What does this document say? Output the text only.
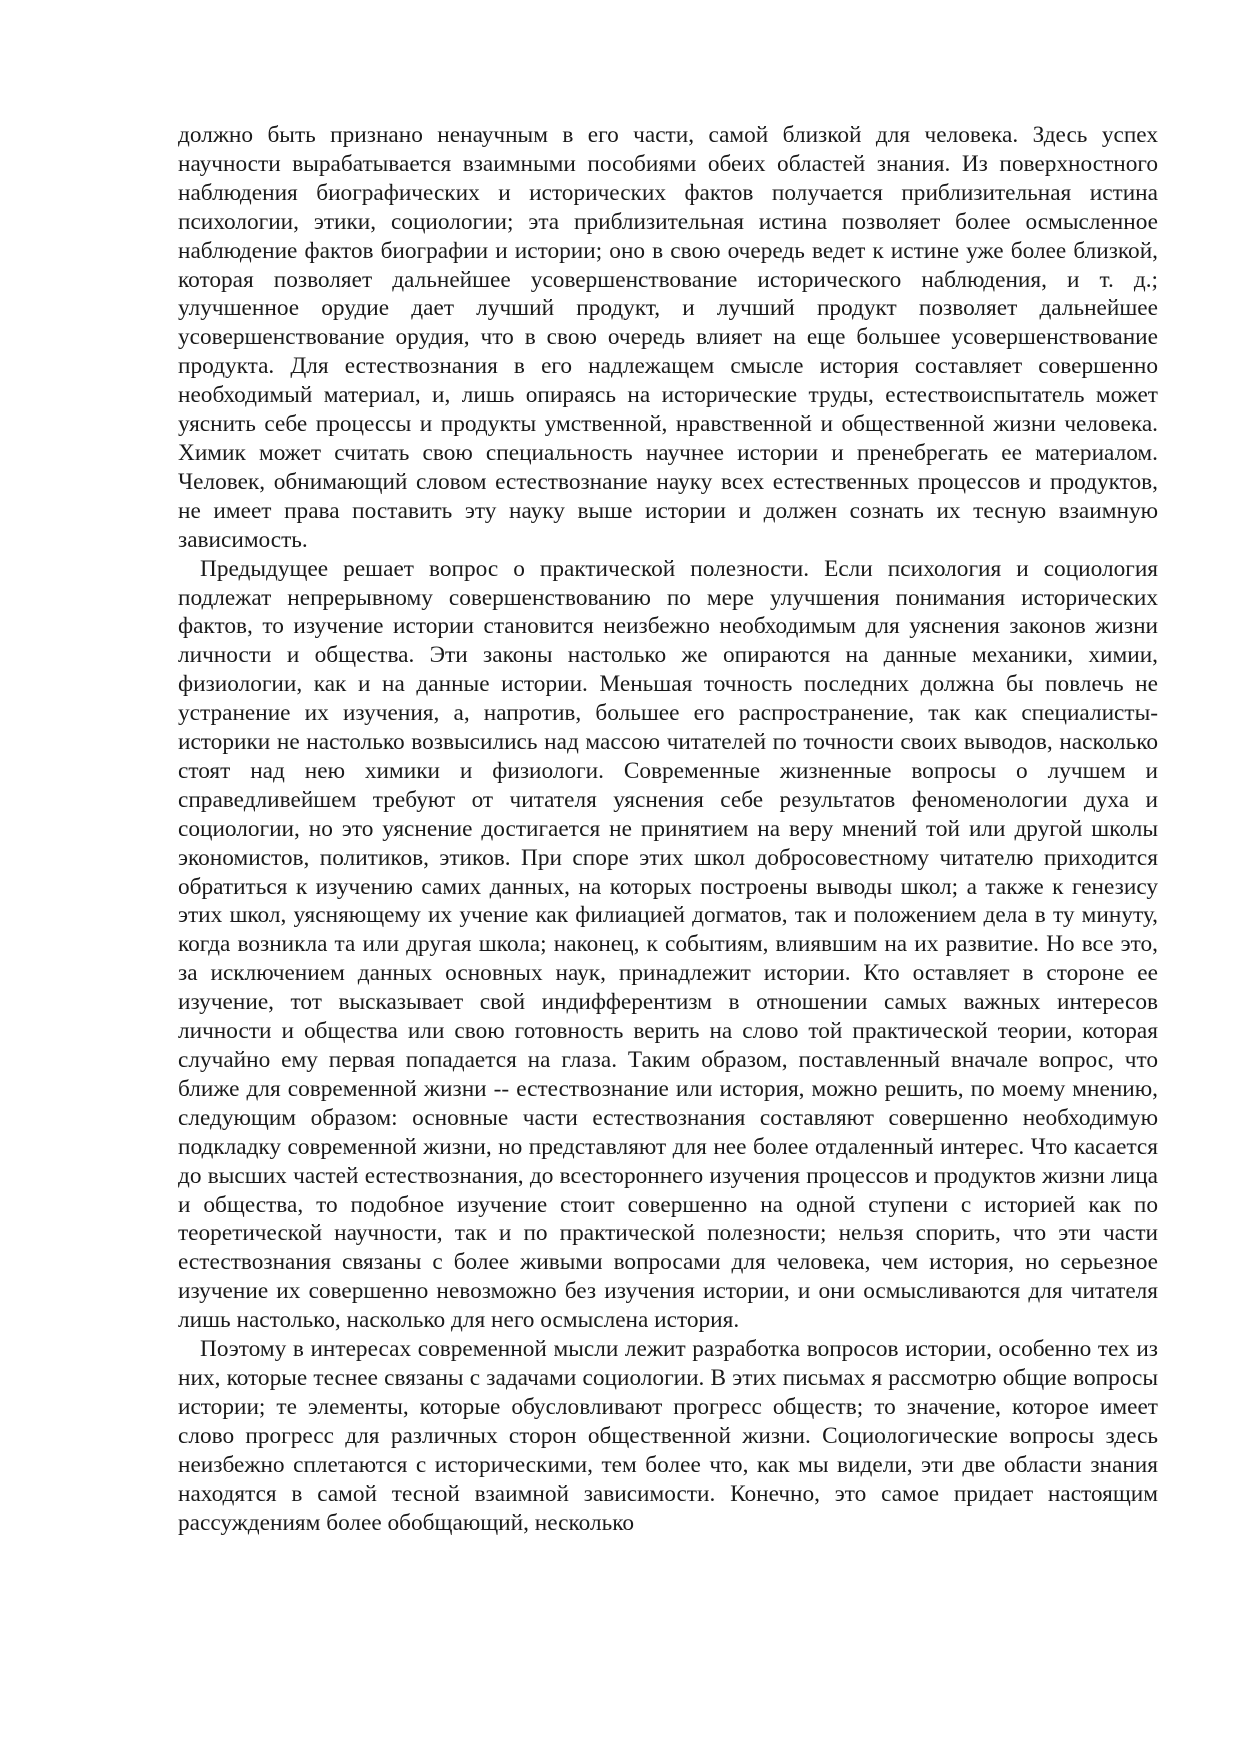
должно быть признано ненаучным в его части, самой близкой для человека. Здесь успех научности вырабатывается взаимными пособиями обеих областей знания. Из поверхностного наблюдения биографических и исторических фактов получается приблизительная истина психологии, этики, социологии; эта приблизительная истина позволяет более осмысленное наблюдение фактов биографии и истории; оно в свою очередь ведет к истине уже более близкой, которая позволяет дальнейшее усовершенствование исторического наблюдения, и т. д.; улучшенное орудие дает лучший продукт, и лучший продукт позволяет дальнейшее усовершенствование орудия, что в свою очередь влияет на еще большее усовершенствование продукта. Для естествознания в его надлежащем смысле история составляет совершенно необходимый материал, и, лишь опираясь на исторические труды, естествоиспытатель может уяснить себе процессы и продукты умственной, нравственной и общественной жизни человека. Химик может считать свою специальность научнее истории и пренебрегать ее материалом. Человек, обнимающий словом естествознание науку всех естественных процессов и продуктов, не имеет права поставить эту науку выше истории и должен сознать их тесную взаимную зависимость.

Предыдущее решает вопрос о практической полезности. Если психология и социология подлежат непрерывному совершенствованию по мере улучшения понимания исторических фактов, то изучение истории становится неизбежно необходимым для уяснения законов жизни личности и общества. Эти законы настолько же опираются на данные механики, химии, физиологии, как и на данные истории. Меньшая точность последних должна бы повлечь не устранение их изучения, а, напротив, большее его распространение, так как специалисты-историки не настолько возвысились над массою читателей по точности своих выводов, насколько стоят над нею химики и физиологи. Современные жизненные вопросы о лучшем и справедливейшем требуют от читателя уяснения себе результатов феноменологии духа и социологии, но это уяснение достигается не принятием на веру мнений той или другой школы экономистов, политиков, этиков. При споре этих школ добросовестному читателю приходится обратиться к изучению самих данных, на которых построены выводы школ; а также к генезису этих школ, уясняющему их учение как филиацией догматов, так и положением дела в ту минуту, когда возникла та или другая школа; наконец, к событиям, влиявшим на их развитие. Но все это, за исключением данных основных наук, принадлежит истории. Кто оставляет в стороне ее изучение, тот высказывает свой индифферентизм в отношении самых важных интересов личности и общества или свою готовность верить на слово той практической теории, которая случайно ему первая попадается на глаза. Таким образом, поставленный вначале вопрос, что ближе для современной жизни -- естествознание или история, можно решить, по моему мнению, следующим образом: основные части естествознания составляют совершенно необходимую подкладку современной жизни, но представляют для нее более отдаленный интерес. Что касается до высших частей естествознания, до всестороннего изучения процессов и продуктов жизни лица и общества, то подобное изучение стоит совершенно на одной ступени с историей как по теоретической научности, так и по практической полезности; нельзя спорить, что эти части естествознания связаны с более живыми вопросами для человека, чем история, но серьезное изучение их совершенно невозможно без изучения истории, и они осмысливаются для читателя лишь настолько, насколько для него осмыслена история.

Поэтому в интересах современной мысли лежит разработка вопросов истории, особенно тех из них, которые теснее связаны с задачами социологии. В этих письмах я рассмотрю общие вопросы истории; те элементы, которые обусловливают прогресс обществ; то значение, которое имеет слово прогресс для различных сторон общественной жизни. Социологические вопросы здесь неизбежно сплетаются с историческими, тем более что, как мы видели, эти две области знания находятся в самой тесной взаимной зависимости. Конечно, это самое придает настоящим рассуждениям более обобщающий, несколько
